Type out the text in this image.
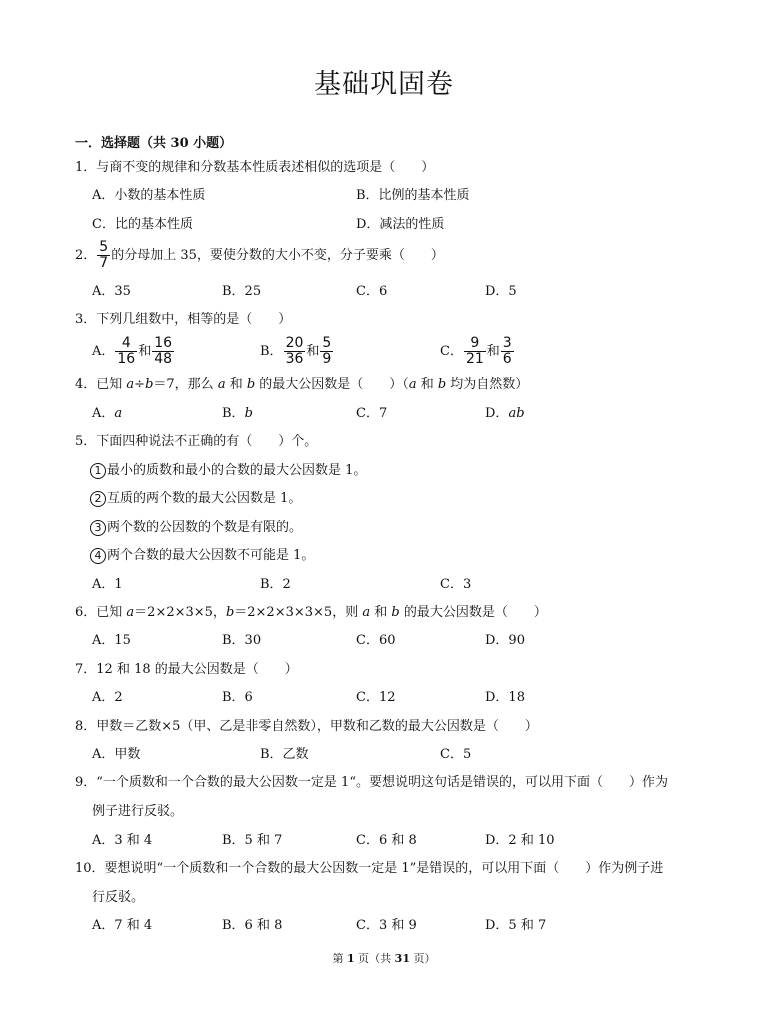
基础巩固卷
一．选择题（共 30 小题）
1．与商不变的规律和分数基本性质表述相似的选项是（　　）
A．小数的基本性质	B．比例的基本性质
C．比的基本性质	D．减法的性质
2． $\frac{5}{7}$ 的分母加上 35，要使分数的大小不变，分子要乘（　　）
A．35	B．25	C．6	D．5
3．下列几组数中，相等的是（　　）
A． $\frac{4}{16}$ 和 $\frac{16}{48}$	B． $\frac{20}{36}$ 和 $\frac{5}{9}$	C． $\frac{9}{21}$ 和 $\frac{3}{6}$
4．已知 a÷b＝7，那么 a 和 b 的最大公因数是（　　）（a 和 b 均为自然数）
A．a	B．b	C．7	D．ab
5．下面四种说法不正确的有（　　）个。
1 最小的质数和最小的合数的最大公因数是 1。
2 互质的两个数的最大公因数是 1。
3 两个数的公因数的个数是有限的。
4 两个合数的最大公因数不可能是 1。
A．1	B．2	C．3
6．已知 a＝2×2×3×5，b＝2×2×3×3×5，则 a 和 b 的最大公因数是（　　）
A．15	B．30	C．60	D．90
7．12 和 18 的最大公因数是（　　）
A．2	B．6	C．12	D．18
8．甲数＝乙数×5（甲、乙是非零自然数），甲数和乙数的最大公因数是（　　）
A．甲数	B．乙数	C．5
9．“一个质数和一个合数的最大公因数一定是 1“。要想说明这句话是错误的，可以用下面（　　）作为
例子进行反驳。
A．3 和 4	B．5 和 7	C．6 和 8	D．2 和 10
10．要想说明“一个质数和一个合数的最大公因数一定是 1”是错误的，可以用下面（　　）作为例子进
行反驳。
A．7 和 4	B．6 和 8	C．3 和 9	D．5 和 7
第 1 页（共 31 页）
